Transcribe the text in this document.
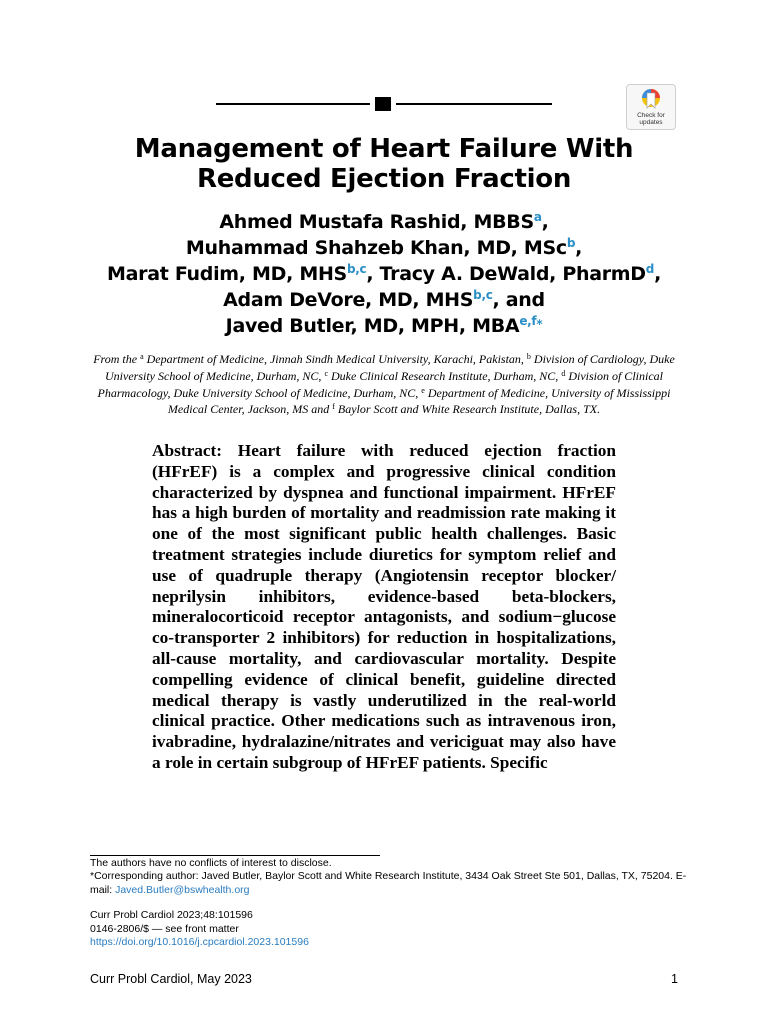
Check for
updates
Management of Heart Failure With
Reduced Ejection Fraction
Ahmed Mustafa Rashid, MBBS$^a$,
Muhammad Shahzeb Khan, MD, MSc$^b$,
Marat Fudim, MD, MHS$^{b,c}$, Tracy A. DeWald, PharmD$^d$,
Adam DeVore, MD, MHS$^{b,c}$, and
Javed Butler, MD, MPH, $MBA^{e,f⁎}$

From the $^a$ Department of Medicine, Jinnah Sindh Medical University, Karachi, Pakistan, $^b$ Division of Cardiology, Duke University School of Medicine, Durham, NC, $^c$ Duke Clinical Research Institute, Durham, NC, $^d$ Division of Clinical Pharmacology, Duke University School of Medicine, Durham, NC, $^e$ Department of Medicine, University of Mississippi Medical Center, Jackson, MS and $^f$ Baylor Scott and White Research Institute, Dallas, TX.

Abstract: Heart failure with reduced ejection fraction (HFrEF) is a complex and progressive clinical condition characterized by dyspnea and functional impairment. HFrEF has a high burden of mortality and readmission rate making it one of the most significant public health challenges. Basic treatment strategies include diuretics for symptom relief and use of quadruple therapy (Angiotensin receptor blocker/ neprilysin inhibitors, evidence-based beta-blockers, mineralocorticoid receptor antagonists, and sodium−glucose co-transporter 2 inhibitors) for reduction in hospitalizations, all-cause mortality, and cardiovascular mortality. Despite compelling evidence of clinical benefit, guideline directed medical therapy is vastly underutilized in the real-world clinical practice. Other medications such as intravenous iron, ivabradine, hydralazine/nitrates and vericiguat may also have a role in certain subgroup of HFrEF patients. Specific

The authors have no conflicts of interest to disclose.

*Corresponding author: Javed Butler, Baylor Scott and White Research Institute, 3434 Oak Street Ste 501, Dallas, TX, 75204. E-mail: Javed.Butler@bswhealth.org

Curr Probl Cardiol 2023;48:101596

0146-2806/$ — see front matter

https://doi.org/10.1016/j.cpcardiol.2023.101596

Curr Probl Cardiol, May 2023	1
